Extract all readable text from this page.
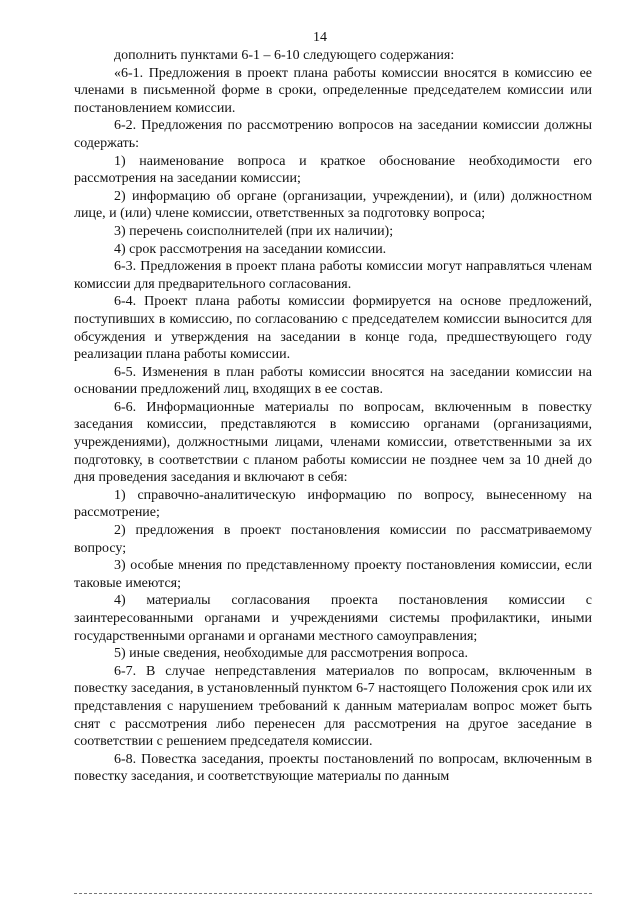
14

дополнить пунктами 6-1 – 6-10 следующего содержания:

«6-1. Предложения в проект плана работы комиссии вносятся в комиссию ее членами в письменной форме в сроки, определенные председателем комиссии или постановлением комиссии.

6-2. Предложения по рассмотрению вопросов на заседании комиссии должны содержать:

1) наименование вопроса и краткое обоснование необходимости его рассмотрения на заседании комиссии;

2) информацию об органе (организации, учреждении), и (или) должностном лице, и (или) члене комиссии, ответственных за подготовку вопроса;

3) перечень соисполнителей (при их наличии);

4) срок рассмотрения на заседании комиссии.

6-3. Предложения в проект плана работы комиссии могут направляться членам комиссии для предварительного согласования.

6-4. Проект плана работы комиссии формируется на основе предложений, поступивших в комиссию, по согласованию с председателем комиссии выносится для обсуждения и утверждения на заседании в конце года, предшествующего году реализации плана работы комиссии.

6-5. Изменения в план работы комиссии вносятся на заседании комиссии на основании предложений лиц, входящих в ее состав.

6-6. Информационные материалы по вопросам, включенным в повестку заседания комиссии, представляются в комиссию органами (организациями, учреждениями), должностными лицами, членами комиссии, ответственными за их подготовку, в соответствии с планом работы комиссии не позднее чем за 10 дней до дня проведения заседания и включают в себя:

1) справочно-аналитическую информацию по вопросу, вынесенному на рассмотрение;

2) предложения в проект постановления комиссии по рассматриваемому вопросу;

3) особые мнения по представленному проекту постановления комиссии, если таковые имеются;

4) материалы согласования проекта постановления комиссии с заинтересованными органами и учреждениями системы профилактики, иными государственными органами и органами местного самоуправления;

5) иные сведения, необходимые для рассмотрения вопроса.

6-7. В случае непредставления материалов по вопросам, включенным в повестку заседания, в установленный пунктом 6-7 настоящего Положения срок или их представления с нарушением требований к данным материалам вопрос может быть снят с рассмотрения либо перенесен для рассмотрения на другое заседание в соответствии с решением председателя комиссии.

6-8. Повестка заседания, проекты постановлений по вопросам, включенным в повестку заседания, и соответствующие материалы по данным
